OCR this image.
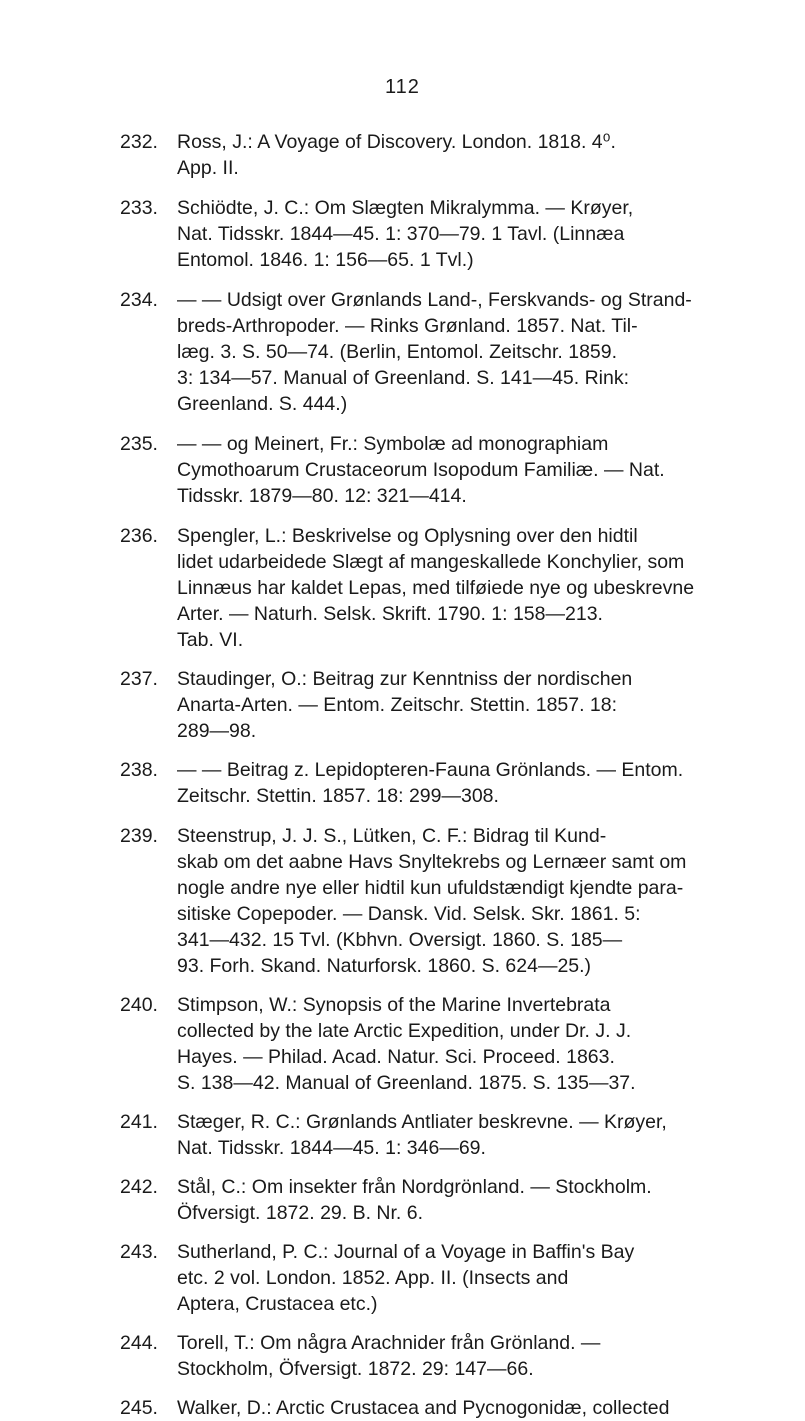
112
232. Ross, J.: A Voyage of Discovery. London. 1818. 4⁰.
App. II.
233. Schiödte, J. C.: Om Slægten Mikralymma. — Krøyer,
Nat. Tidsskr. 1844—45. 1: 370—79. 1 Tavl. (Linnæa
Entomol. 1846. 1: 156—65. 1 Tvl.)
234. — — Udsigt over Grønlands Land-, Ferskvands- og Strand-
breds-Arthropoder. — Rinks Grønland. 1857. Nat. Til-
læg. 3. S. 50—74. (Berlin, Entomol. Zeitschr. 1859.
3: 134—57. Manual of Greenland. S. 141—45. Rink:
Greenland. S. 444.)
235. — — og Meinert, Fr.: Symbolæ ad monographiam
Cymothoarum Crustaceorum Isopodum Familiæ. — Nat.
Tidsskr. 1879—80. 12: 321—414.
236. Spengler, L.: Beskrivelse og Oplysning over den hidtil
lidet udarbeidede Slægt af mangeskallede Konchylier, som
Linnæus har kaldet Lepas, med tilføiede nye og ubeskrevne
Arter. — Naturh. Selsk. Skrift. 1790. 1: 158—213.
Tab. VI.
237. Staudinger, O.: Beitrag zur Kenntniss der nordischen
Anarta-Arten. — Entom. Zeitschr. Stettin. 1857. 18:
289—98.
238. — — Beitrag z. Lepidopteren-Fauna Grönlands. — Entom.
Zeitschr. Stettin. 1857. 18: 299—308.
239. Steenstrup, J. J. S., Lütken, C. F.: Bidrag til Kund-
skab om det aabne Havs Snyltekrebs og Lernæer samt om
nogle andre nye eller hidtil kun ufuldstændigt kjendte para-
sitiske Copepoder. — Dansk. Vid. Selsk. Skr. 1861. 5:
341—432. 15 Tvl. (Kbhvn. Oversigt. 1860. S. 185—
93. Forh. Skand. Naturforsk. 1860. S. 624—25.)
240. Stimpson, W.: Synopsis of the Marine Invertebrata
collected by the late Arctic Expedition, under Dr. J. J.
Hayes. — Philad. Acad. Natur. Sci. Proceed. 1863.
S. 138—42. Manual of Greenland. 1875. S. 135—37.
241. Stæger, R. C.: Grønlands Antliater beskrevne. — Krøyer,
Nat. Tidsskr. 1844—45. 1: 346—69.
242. Stål, C.: Om insekter från Nordgrönland. — Stockholm.
Öfversigt. 1872. 29. B. Nr. 6.
243. Sutherland, P. C.: Journal of a Voyage in Baffin's Bay
etc. 2 vol. London. 1852. App. II. (Insects and
Aptera, Crustacea etc.)
244. Torell, T.: Om några Arachnider från Grönland. —
Stockholm, Öfversigt. 1872. 29: 147—66.
245. Walker, D.: Arctic Crustacea and Pycnogonidæ, collected
